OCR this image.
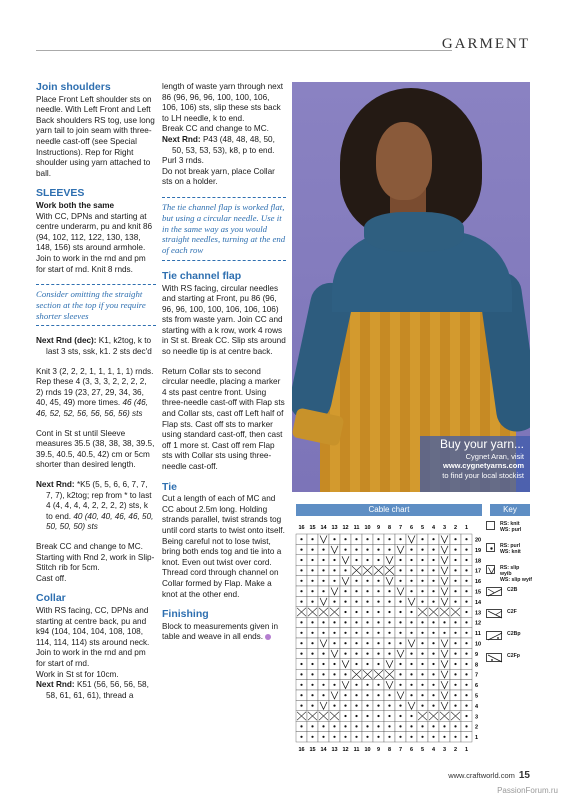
GARMENT

Join shoulders

Place Front Left shoulder sts on needle. With Left Front and Left Back shoulders RS tog, use long yarn tail to join seam with three-needle cast-off (see Special Instructions). Rep for Right shoulder using yarn attached to ball.

SLEEVES

Work both the same

With CC, DPNs and starting at centre underarm, pu and knit 86 (94, 102, 112, 122, 130, 138, 148, 156) sts around armhole. Join to work in the rnd and pm for start of rnd. Knit 8 rnds.

Consider omitting the straight section at the top if you require shorter sleeves

Next Rnd (dec): K1, k2tog, k to last 3 sts, ssk, k1. 2 sts dec'd

Knit 3 (2, 2, 2, 1, 1, 1, 1, 1) rnds.

Rep these 4 (3, 3, 3, 2, 2, 2, 2, 2) rnds 19 (23, 27, 29, 34, 36, 40, 45, 49) more times. 46 (46, 46, 52, 52, 56, 56, 56, 56) sts

Cont in St st until Sleeve measures 35.5 (38, 38, 38, 39.5, 39.5, 40.5, 40.5, 42) cm or 5cm shorter than desired length.

Next Rnd: *K5 (5, 5, 6, 6, 7, 7, 7, 7), k2tog; rep from * to last 4 (4, 4, 4, 4, 2, 2, 2, 2) sts, k to end. 40 (40, 40, 46, 46, 50, 50, 50, 50) sts

Break CC and change to MC. Starting with Rnd 2, work in Slip-Stitch rib for 5cm.

Cast off.

Collar

With RS facing, CC, DPNs and starting at centre back, pu and k94 (104, 104, 104, 108, 108, 114, 114, 114) sts around neck. Join to work in the rnd and pm for start of rnd.

Work in St st for 10cm.

Next Rnd: K51 (56, 56, 56, 58, 58, 61, 61, 61), thread a

length of waste yarn through next 86 (96, 96, 96, 100, 100, 106, 106, 106) sts, slip these sts back to LH needle, k to end.

Break CC and change to MC.

Next Rnd: P43 (48, 48, 48, 50, 50, 53, 53, 53), k8, p to end.

Purl 3 rnds.

Do not break yarn, place Collar sts on a holder.

The tie channel flap is worked flat, but using a circular needle. Use it in the same way as you would straight needles, turning at the end of each row

Tie channel flap

With RS facing, circular needles and starting at Front, pu 86 (96, 96, 96, 100, 100, 106, 106, 106) sts from waste yarn. Join CC and starting with a k row, work 4 rows in St st. Break CC. Slip sts around so needle tip is at centre back.

Return Collar sts to second circular needle, placing a marker 4 sts past centre front. Using three-needle cast-off with Flap sts and Collar sts, cast off Left half of Flap sts. Cast off sts to marker using standard cast-off, then cast off 1 more st. Cast off rem Flap sts with Collar sts using three-needle cast-off.

Tie

Cut a length of each of MC and CC about 2.5m long. Holding strands parallel, twist strands tog until cord starts to twist onto itself. Being careful not to lose twist, bring both ends tog and tie into a knot. Even out twist over cord. Thread cord through channel on Collar formed by Flap. Make a knot at the other end.

Finishing

Block to measurements given in table and weave in all ends.

Buy your yarn...
Cygnet Aran, visit
www.cygnetyarns.com
to find your local stockist
Cable chart	Key
16
16
15
15
14
14
13
13
12
12
11
11
10
10
9
9
8
8
7
7
6
6
5
5
4
4
3
3
2
2
1
1
20
19
18
17
16
15
14
13
12
11
10
9
8
7
6
5
4
3
2
1
RS: knit
WS: purl
RS: purl
WS: knit
RS: slip wyib
WS: slip wyif
C2B
C2F
C2Bp
C2Fp
www.craftworld.com 15
PassionForum.ru
